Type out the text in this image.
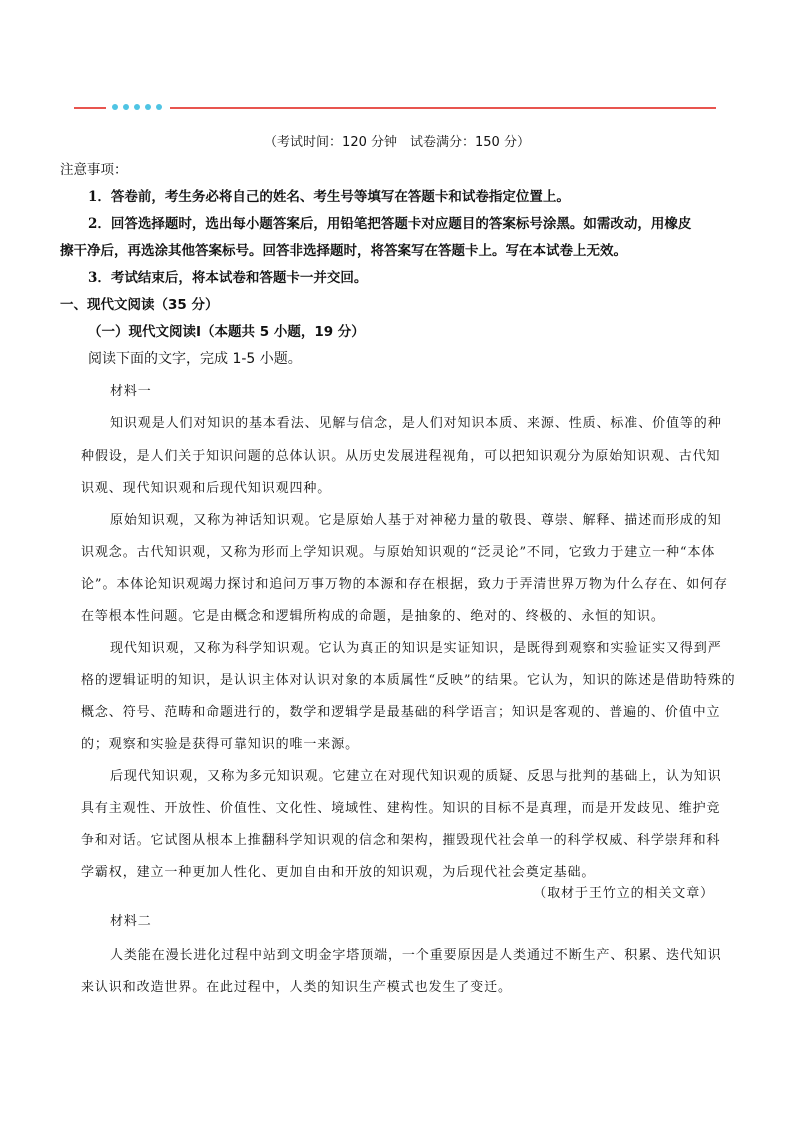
（考试时间：120 分钟　试卷满分：150 分）

注意事项：

1．答卷前，考生务必将自己的姓名、考生号等填写在答题卡和试卷指定位置上。

2．回答选择题时，选出每小题答案后，用铅笔把答题卡对应题目的答案标号涂黑。如需改动，用橡皮

擦干净后，再选涂其他答案标号。回答非选择题时，将答案写在答题卡上。写在本试卷上无效。

3．考试结束后，将本试卷和答题卡一并交回。

一、现代文阅读（35 分）

（一）现代文阅读Ⅰ（本题共 5 小题，19 分）

阅读下面的文字，完成 1-5 小题。

材料一

知识观是人们对知识的基本看法、见解与信念，是人们对知识本质、来源、性质、标准、价值等的种

种假设，是人们关于知识问题的总体认识。从历史发展进程视角，可以把知识观分为原始知识观、古代知

识观、现代知识观和后现代知识观四种。

原始知识观，又称为神话知识观。它是原始人基于对神秘力量的敬畏、尊崇、解释、描述而形成的知

识观念。古代知识观，又称为形而上学知识观。与原始知识观的“泛灵论”不同，它致力于建立一种“本体

论”。本体论知识观竭力探讨和追问万事万物的本源和存在根据，致力于弄清世界万物为什么存在、如何存

在等根本性问题。它是由概念和逻辑所构成的命题，是抽象的、绝对的、终极的、永恒的知识。

现代知识观，又称为科学知识观。它认为真正的知识是实证知识，是既得到观察和实验证实又得到严

格的逻辑证明的知识，是认识主体对认识对象的本质属性“反映”的结果。它认为，知识的陈述是借助特殊的

概念、符号、范畴和命题进行的，数学和逻辑学是最基础的科学语言；知识是客观的、普遍的、价值中立

的；观察和实验是获得可靠知识的唯一来源。

后现代知识观，又称为多元知识观。它建立在对现代知识观的质疑、反思与批判的基础上，认为知识

具有主观性、开放性、价值性、文化性、境域性、建构性。知识的目标不是真理，而是开发歧见、维护竞

争和对话。它试图从根本上推翻科学知识观的信念和架构，摧毁现代社会单一的科学权威、科学崇拜和科

学霸权，建立一种更加人性化、更加自由和开放的知识观，为后现代社会奠定基础。

（取材于王竹立的相关文章）

材料二

人类能在漫长进化过程中站到文明金字塔顶端，一个重要原因是人类通过不断生产、积累、迭代知识

来认识和改造世界。在此过程中，人类的知识生产模式也发生了变迁。
